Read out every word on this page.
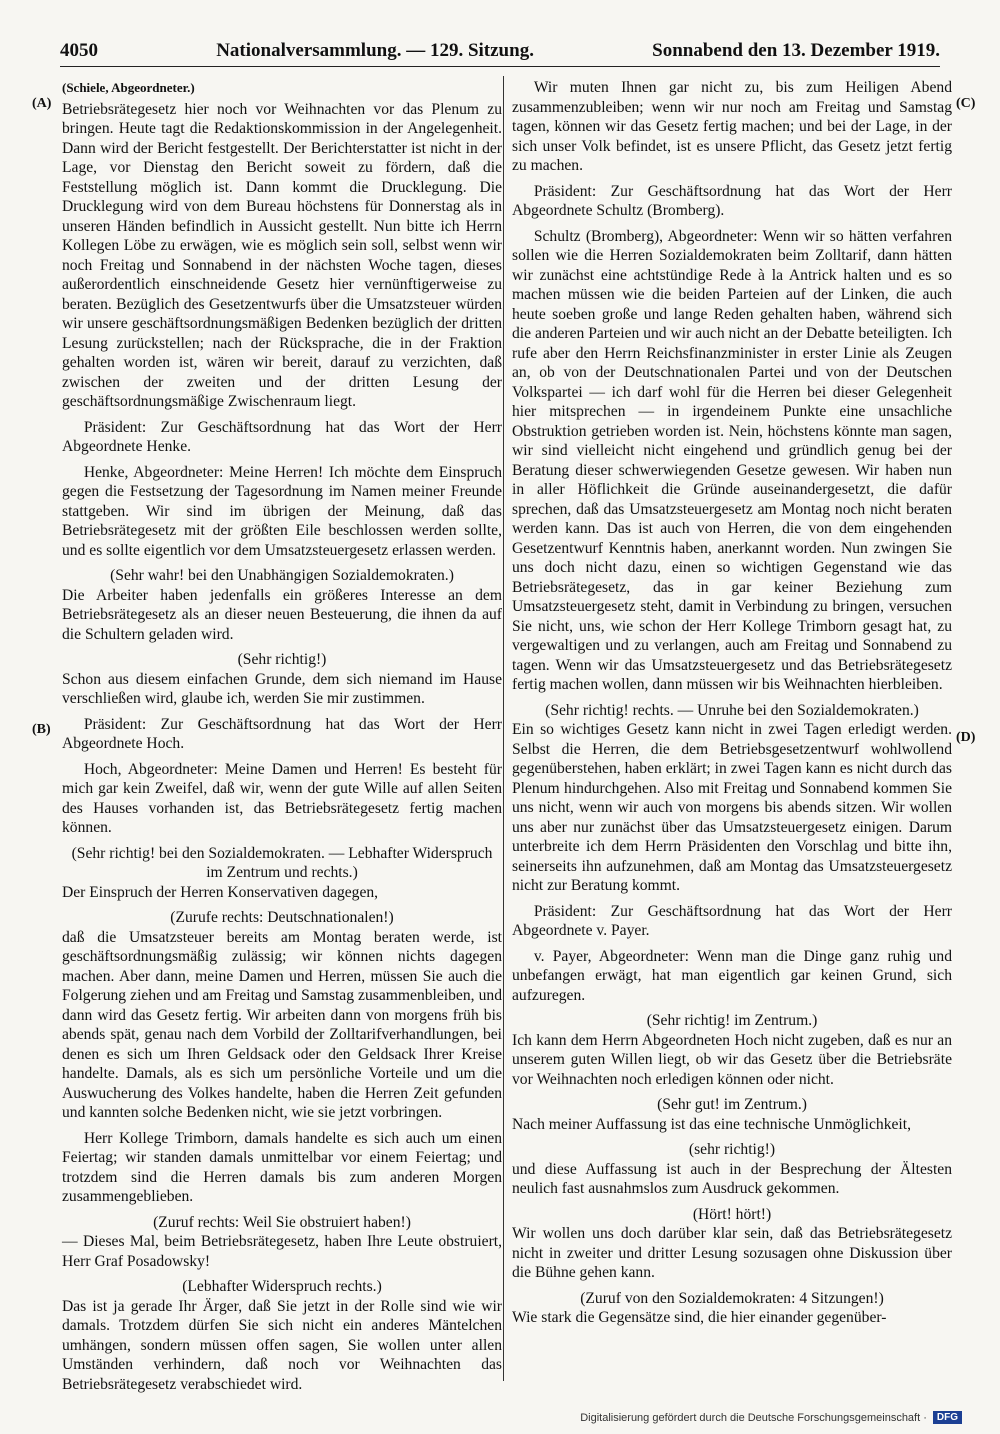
4050	Nationalversammlung. — 129. Sitzung.	Sonnabend den 13. Dezember 1919.
(A)
(B)
(C)
(D)

(Schiele, Abgeordneter.)

Betriebsrätegesetz hier noch vor Weihnachten vor das Plenum zu bringen. Heute tagt die Redaktionskommission in der Angelegenheit. Dann wird der Bericht festgestellt. Der Berichterstatter ist nicht in der Lage, vor Dienstag den Bericht soweit zu fördern, daß die Feststellung möglich ist. Dann kommt die Drucklegung. Die Drucklegung wird von dem Bureau höchstens für Donnerstag als in unseren Händen befindlich in Aussicht gestellt. Nun bitte ich Herrn Kollegen Löbe zu erwägen, wie es möglich sein soll, selbst wenn wir noch Freitag und Sonnabend in der nächsten Woche tagen, dieses außerordentlich einschneidende Gesetz hier vernünftigerweise zu beraten. Bezüglich des Gesetzentwurfs über die Umsatzsteuer würden wir unsere geschäftsordnungsmäßigen Bedenken bezüglich der dritten Lesung zurückstellen; nach der Rücksprache, die in der Fraktion gehalten worden ist, wären wir bereit, darauf zu verzichten, daß zwischen der zweiten und der dritten Lesung der geschäftsordnungsmäßige Zwischenraum liegt.

Präsident: Zur Geschäftsordnung hat das Wort der Herr Abgeordnete Henke.

Henke, Abgeordneter: Meine Herren! Ich möchte dem Einspruch gegen die Festsetzung der Tagesordnung im Namen meiner Freunde stattgeben. Wir sind im übrigen der Meinung, daß das Betriebsrätegesetz mit der größten Eile beschlossen werden sollte, und es sollte eigentlich vor dem Umsatzsteuergesetz erlassen werden.

(Sehr wahr! bei den Unabhängigen Sozialdemokraten.)

Die Arbeiter haben jedenfalls ein größeres Interesse an dem Betriebsrätegesetz als an dieser neuen Besteuerung, die ihnen da auf die Schultern geladen wird.

(Sehr richtig!)

Schon aus diesem einfachen Grunde, dem sich niemand im Hause verschließen wird, glaube ich, werden Sie mir zustimmen.

Präsident: Zur Geschäftsordnung hat das Wort der Herr Abgeordnete Hoch.

Hoch, Abgeordneter: Meine Damen und Herren! Es besteht für mich gar kein Zweifel, daß wir, wenn der gute Wille auf allen Seiten des Hauses vorhanden ist, das Betriebsrätegesetz fertig machen können.

(Sehr richtig! bei den Sozialdemokraten. — Lebhafter Widerspruch im Zentrum und rechts.)

Der Einspruch der Herren Konservativen dagegen,

(Zurufe rechts: Deutschnationalen!)

daß die Umsatzsteuer bereits am Montag beraten werde, ist geschäftsordnungsmäßig zulässig; wir können nichts dagegen machen. Aber dann, meine Damen und Herren, müssen Sie auch die Folgerung ziehen und am Freitag und Samstag zusammenbleiben, und dann wird das Gesetz fertig. Wir arbeiten dann von morgens früh bis abends spät, genau nach dem Vorbild der Zolltarifverhandlungen, bei denen es sich um Ihren Geldsack oder den Geldsack Ihrer Kreise handelte. Damals, als es sich um persönliche Vorteile und um die Auswucherung des Volkes handelte, haben die Herren Zeit gefunden und kannten solche Bedenken nicht, wie sie jetzt vorbringen.

Herr Kollege Trimborn, damals handelte es sich auch um einen Feiertag; wir standen damals unmittelbar vor einem Feiertag; und trotzdem sind die Herren damals bis zum anderen Morgen zusammengeblieben.

(Zuruf rechts: Weil Sie obstruiert haben!)

— Dieses Mal, beim Betriebsrätegesetz, haben Ihre Leute obstruiert, Herr Graf Posadowsky!

(Lebhafter Widerspruch rechts.)

Das ist ja gerade Ihr Ärger, daß Sie jetzt in der Rolle sind wie wir damals. Trotzdem dürfen Sie sich nicht ein anderes Mäntelchen umhängen, sondern müssen offen sagen, Sie wollen unter allen Umständen verhindern, daß noch vor Weihnachten das Betriebsrätegesetz verabschiedet wird.

Wir muten Ihnen gar nicht zu, bis zum Heiligen Abend zusammenzubleiben; wenn wir nur noch am Freitag und Samstag tagen, können wir das Gesetz fertig machen; und bei der Lage, in der sich unser Volk befindet, ist es unsere Pflicht, das Gesetz jetzt fertig zu machen.

Präsident: Zur Geschäftsordnung hat das Wort der Herr Abgeordnete Schultz (Bromberg).

Schultz (Bromberg), Abgeordneter: Wenn wir so hätten verfahren sollen wie die Herren Sozialdemokraten beim Zolltarif, dann hätten wir zunächst eine achtstündige Rede à la Antrick halten und es so machen müssen wie die beiden Parteien auf der Linken, die auch heute soeben große und lange Reden gehalten haben, während sich die anderen Parteien und wir auch nicht an der Debatte beteiligten. Ich rufe aber den Herrn Reichsfinanzminister in erster Linie als Zeugen an, ob von der Deutschnationalen Partei und von der Deutschen Volkspartei — ich darf wohl für die Herren bei dieser Gelegenheit hier mitsprechen — in irgendeinem Punkte eine unsachliche Obstruktion getrieben worden ist. Nein, höchstens könnte man sagen, wir sind vielleicht nicht eingehend und gründlich genug bei der Beratung dieser schwerwiegenden Gesetze gewesen. Wir haben nun in aller Höflichkeit die Gründe auseinandergesetzt, die dafür sprechen, daß das Umsatzsteuergesetz am Montag noch nicht beraten werden kann. Das ist auch von Herren, die von dem eingehenden Gesetzentwurf Kenntnis haben, anerkannt worden. Nun zwingen Sie uns doch nicht dazu, einen so wichtigen Gegenstand wie das Betriebsrätegesetz, das in gar keiner Beziehung zum Umsatzsteuergesetz steht, damit in Verbindung zu bringen, versuchen Sie nicht, uns, wie schon der Herr Kollege Trimborn gesagt hat, zu vergewaltigen und zu verlangen, auch am Freitag und Sonnabend zu tagen. Wenn wir das Umsatzsteuergesetz und das Betriebsrätegesetz fertig machen wollen, dann müssen wir bis Weihnachten hierbleiben.

(Sehr richtig! rechts. — Unruhe bei den Sozialdemokraten.)

Ein so wichtiges Gesetz kann nicht in zwei Tagen erledigt werden. Selbst die Herren, die dem Betriebsgesetzentwurf wohlwollend gegenüberstehen, haben erklärt; in zwei Tagen kann es nicht durch das Plenum hindurchgehen. Also mit Freitag und Sonnabend kommen Sie uns nicht, wenn wir auch von morgens bis abends sitzen. Wir wollen uns aber nur zunächst über das Umsatzsteuergesetz einigen. Darum unterbreite ich dem Herrn Präsidenten den Vorschlag und bitte ihn, seinerseits ihn aufzunehmen, daß am Montag das Umsatzsteuergesetz nicht zur Beratung kommt.

Präsident: Zur Geschäftsordnung hat das Wort der Herr Abgeordnete v. Payer.

v. Payer, Abgeordneter: Wenn man die Dinge ganz ruhig und unbefangen erwägt, hat man eigentlich gar keinen Grund, sich aufzuregen.

(Sehr richtig! im Zentrum.)

Ich kann dem Herrn Abgeordneten Hoch nicht zugeben, daß es nur an unserem guten Willen liegt, ob wir das Gesetz über die Betriebsräte vor Weihnachten noch erledigen können oder nicht.

(Sehr gut! im Zentrum.)

Nach meiner Auffassung ist das eine technische Unmöglichkeit,

(sehr richtig!)

und diese Auffassung ist auch in der Besprechung der Ältesten neulich fast ausnahmslos zum Ausdruck gekommen.

(Hört! hört!)

Wir wollen uns doch darüber klar sein, daß das Betriebsrätegesetz nicht in zweiter und dritter Lesung sozusagen ohne Diskussion über die Bühne gehen kann.

(Zuruf von den Sozialdemokraten: 4 Sitzungen!)

Wie stark die Gegensätze sind, die hier einander gegenüber-

Digitalisierung gefördert durch die Deutsche Forschungsgemeinschaft ·	DFG
